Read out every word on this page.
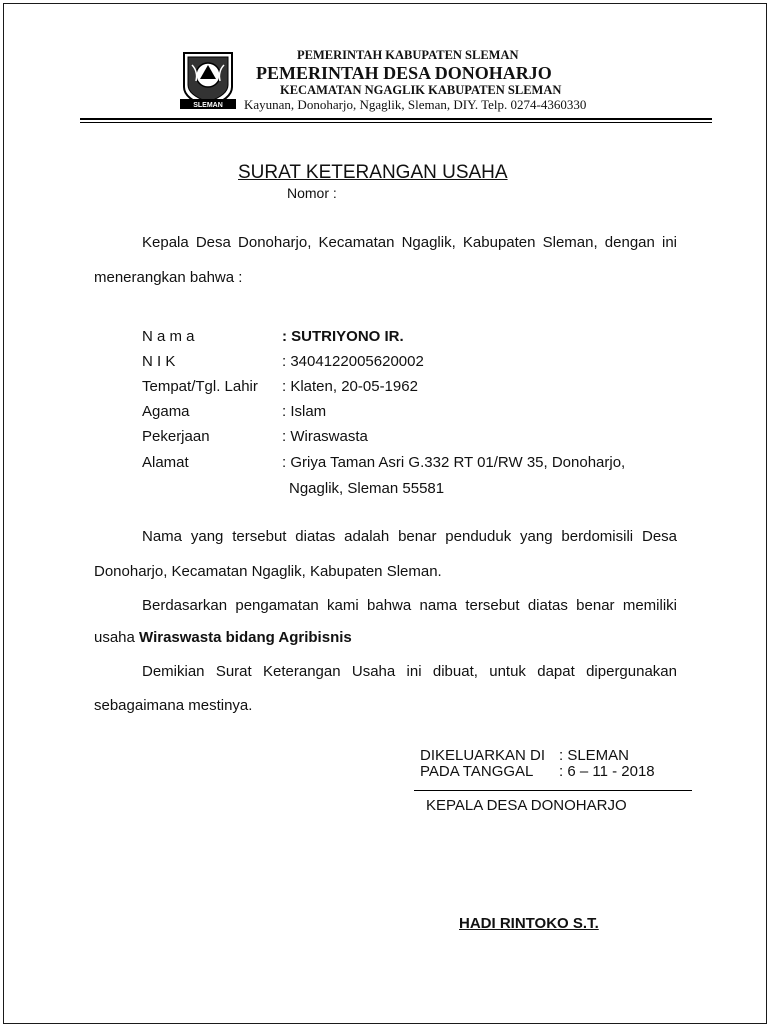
SLEMAN
PEMERINTAH KABUPATEN SLEMAN
PEMERINTAH DESA DONOHARJO
KECAMATAN NGAGLIK KABUPATEN SLEMAN
Kayunan, Donoharjo, Ngaglik, Sleman, DIY. Telp. 0274-4360330
SURAT KETERANGAN USAHA
Nomor :
Kepala Desa Donoharjo, Kecamatan Ngaglik, Kabupaten Sleman, dengan ini
menerangkan bahwa :
N a m a	: SUTRIYONO IR.
N I K	: 3404122005620002
Tempat/Tgl. Lahir : Klaten, 20-05-1962
Agama	: Islam
Pekerjaan	: Wiraswasta
Alamat	: Griya Taman Asri G.332 RT 01/RW 35, Donoharjo,
Ngaglik, Sleman 55581
Nama yang tersebut diatas adalah benar penduduk yang berdomisili Desa
Donoharjo, Kecamatan Ngaglik, Kabupaten Sleman.
Berdasarkan pengamatan kami bahwa nama tersebut diatas benar memiliki
usaha Wiraswasta bidang Agribisnis
Demikian Surat Keterangan Usaha ini dibuat, untuk dapat dipergunakan
sebagaimana mestinya.
DIKELUARKAN DI : SLEMAN
PADA TANGGAL : 6 – 11 - 2018
KEPALA DESA DONOHARJO
HADI RINTOKO S.T.
